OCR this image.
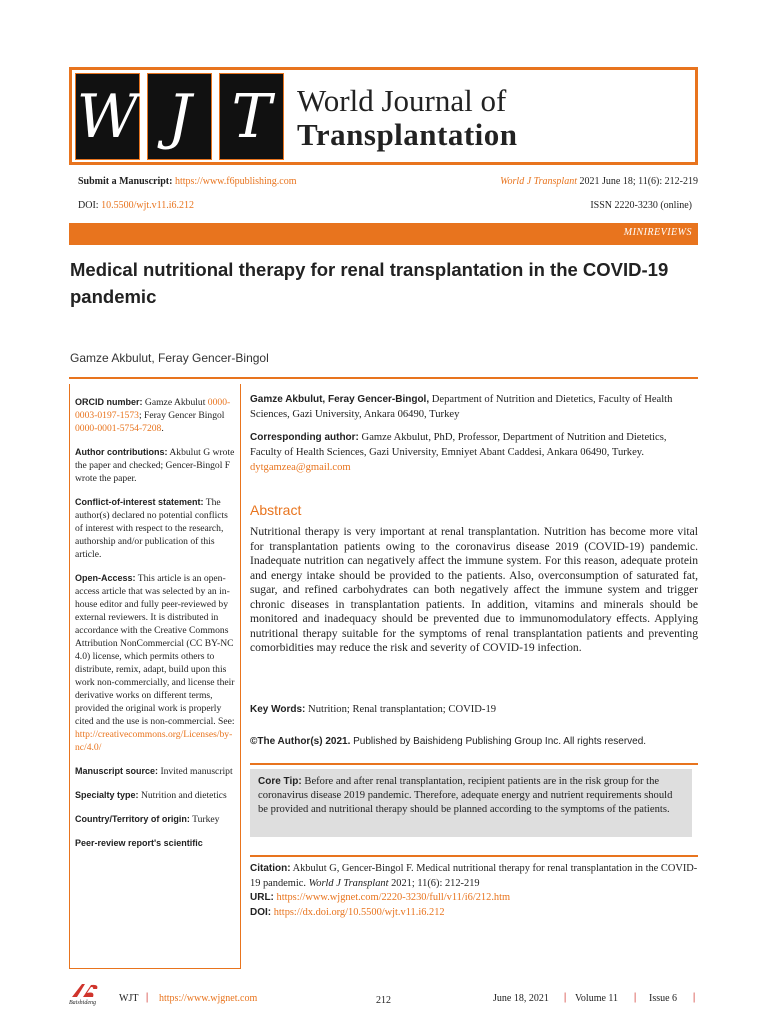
W J T World Journal of
Transplantation
Submit a Manuscript: https://www.f6publishing.com	World J Transplant 2021 June 18; 11(6): 212-219
DOI: 10.5500/wjt.v11.i6.212	ISSN 2220-3230 (online)
MINIREVIEWS
Medical nutritional therapy for renal transplantation in the COVID-19 pandemic
Gamze Akbulut, Feray Gencer-Bingol

ORCID number: Gamze Akbulut 0000-0003-0197-1573; Feray Gencer Bingol 0000-0001-5754-7208.

Author contributions: Akbulut G wrote the paper and checked; Gencer-Bingol F wrote the paper.

Conflict-of-interest statement: The author(s) declared no potential conflicts of interest with respect to the research, authorship and/or publication of this article.

Open-Access: This article is an open-access article that was selected by an in-house editor and fully peer-reviewed by external reviewers. It is distributed in accordance with the Creative Commons Attribution NonCommercial (CC BY-NC 4.0) license, which permits others to distribute, remix, adapt, build upon this work non-commercially, and license their derivative works on different terms, provided the original work is properly cited and the use is non-commercial. See: http://creativecommons.org/Licenses/by-nc/4.0/

Manuscript source: Invited manuscript

Specialty type: Nutrition and dietetics

Country/Territory of origin: Turkey

Peer-review report's scientific

Gamze Akbulut, Feray Gencer-Bingol, Department of Nutrition and Dietetics, Faculty of Health Sciences, Gazi University, Ankara 06490, Turkey

Corresponding author: Gamze Akbulut, PhD, Professor, Department of Nutrition and Dietetics, Faculty of Health Sciences, Gazi University, Emniyet Abant Caddesi, Ankara 06490, Turkey. dytgamzea@gmail.com

Abstract
Nutritional therapy is very important at renal transplantation. Nutrition has become more vital for transplantation patients owing to the coronavirus disease 2019 (COVID-19) pandemic. Inadequate nutrition can negatively affect the immune system. For this reason, adequate protein and energy intake should be provided to the patients. Also, overconsumption of saturated fat, sugar, and refined carbohydrates can both negatively affect the immune system and trigger chronic diseases in transplantation patients. In addition, vitamins and minerals should be monitored and inadequacy should be prevented due to immunomodulatory effects. Applying nutritional therapy suitable for the symptoms of renal transplantation patients and preventing comorbidities may reduce the risk and severity of COVID-19 infection.
Key Words: Nutrition; Renal transplantation; COVID-19
©The Author(s) 2021. Published by Baishideng Publishing Group Inc. All rights reserved.
Core Tip: Before and after renal transplantation, recipient patients are in the risk group for the coronavirus disease 2019 pandemic. Therefore, adequate energy and nutrient requirements should be provided and nutritional therapy should be planned according to the symptoms of the patients.
Citation: Akbulut G, Gencer-Bingol F. Medical nutritional therapy for renal transplantation in the COVID-19 pandemic. World J Transplant 2021; 11(6): 212-219
URL: https://www.wjgnet.com/2220-3230/full/v11/i6/212.htm
DOI: https://dx.doi.org/10.5500/wjt.v11.i6.212
Baishideng WJT | https://www.wjgnet.com	212	June 18, 2021 | Volume 11 | Issue 6 |
